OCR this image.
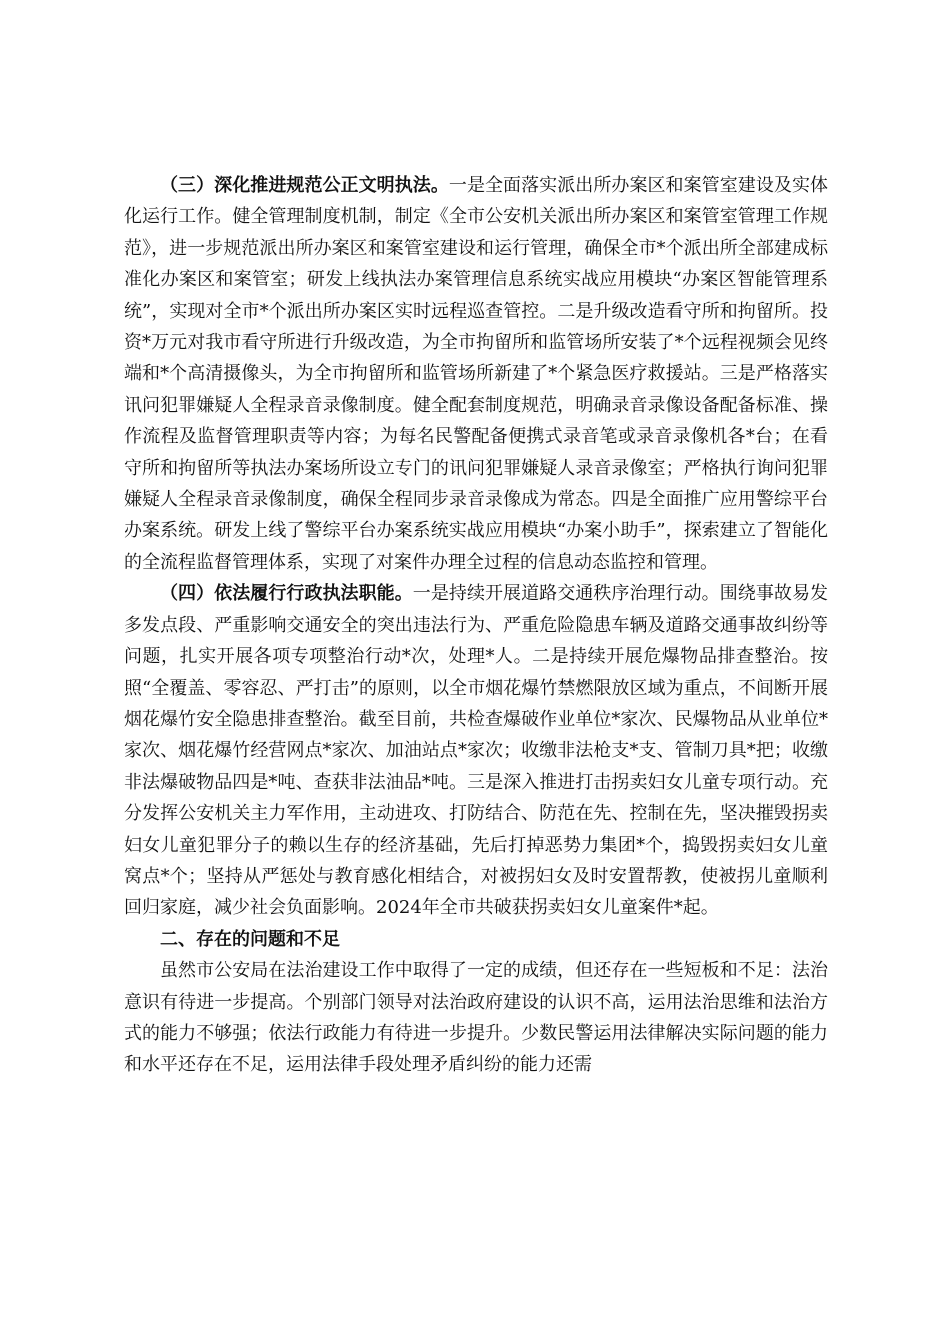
（三）深化推进规范公正文明执法。一是全面落实派出所办案区和案管室建设及实体化运行工作。健全管理制度机制，制定《全市公安机关派出所办案区和案管室管理工作规范》，进一步规范派出所办案区和案管室建设和运行管理，确保全市*个派出所全部建成标准化办案区和案管室；研发上线执法办案管理信息系统实战应用模块“办案区智能管理系统”，实现对全市*个派出所办案区实时远程巡查管控。二是升级改造看守所和拘留所。投资*万元对我市看守所进行升级改造，为全市拘留所和监管场所安装了*个远程视频会见终端和*个高清摄像头，为全市拘留所和监管场所新建了*个紧急医疗救援站。三是严格落实讯问犯罪嫌疑人全程录音录像制度。健全配套制度规范，明确录音录像设备配备标准、操作流程及监督管理职责等内容；为每名民警配备便携式录音笔或录音录像机各*台；在看守所和拘留所等执法办案场所设立专门的讯问犯罪嫌疑人录音录像室；严格执行询问犯罪嫌疑人全程录音录像制度，确保全程同步录音录像成为常态。四是全面推广应用警综平台办案系统。研发上线了警综平台办案系统实战应用模块“办案小助手”，探索建立了智能化的全流程监督管理体系，实现了对案件办理全过程的信息动态监控和管理。

（四）依法履行行政执法职能。一是持续开展道路交通秩序治理行动。围绕事故易发多发点段、严重影响交通安全的突出违法行为、严重危险隐患车辆及道路交通事故纠纷等问题，扎实开展各项专项整治行动*次，处理*人。二是持续开展危爆物品排查整治。按照“全覆盖、零容忍、严打击”的原则，以全市烟花爆竹禁燃限放区域为重点，不间断开展烟花爆竹安全隐患排查整治。截至目前，共检查爆破作业单位*家次、民爆物品从业单位*家次、烟花爆竹经营网点*家次、加油站点*家次；收缴非法枪支*支、管制刀具*把；收缴非法爆破物品四是*吨、查获非法油品*吨。三是深入推进打击拐卖妇女儿童专项行动。充分发挥公安机关主力军作用，主动进攻、打防结合、防范在先、控制在先，坚决摧毁拐卖妇女儿童犯罪分子的赖以生存的经济基础，先后打掉恶势力集团*个，捣毁拐卖妇女儿童窝点*个；坚持从严惩处与教育感化相结合，对被拐妇女及时安置帮教，使被拐儿童顺利回归家庭，减少社会负面影响。2024年全市共破获拐卖妇女儿童案件*起。

二、存在的问题和不足

虽然市公安局在法治建设工作中取得了一定的成绩，但还存在一些短板和不足：法治意识有待进一步提高。个别部门领导对法治政府建设的认识不高，运用法治思维和法治方式的能力不够强；依法行政能力有待进一步提升。少数民警运用法律解决实际问题的能力和水平还存在不足，运用法律手段处理矛盾纠纷的能力还需
